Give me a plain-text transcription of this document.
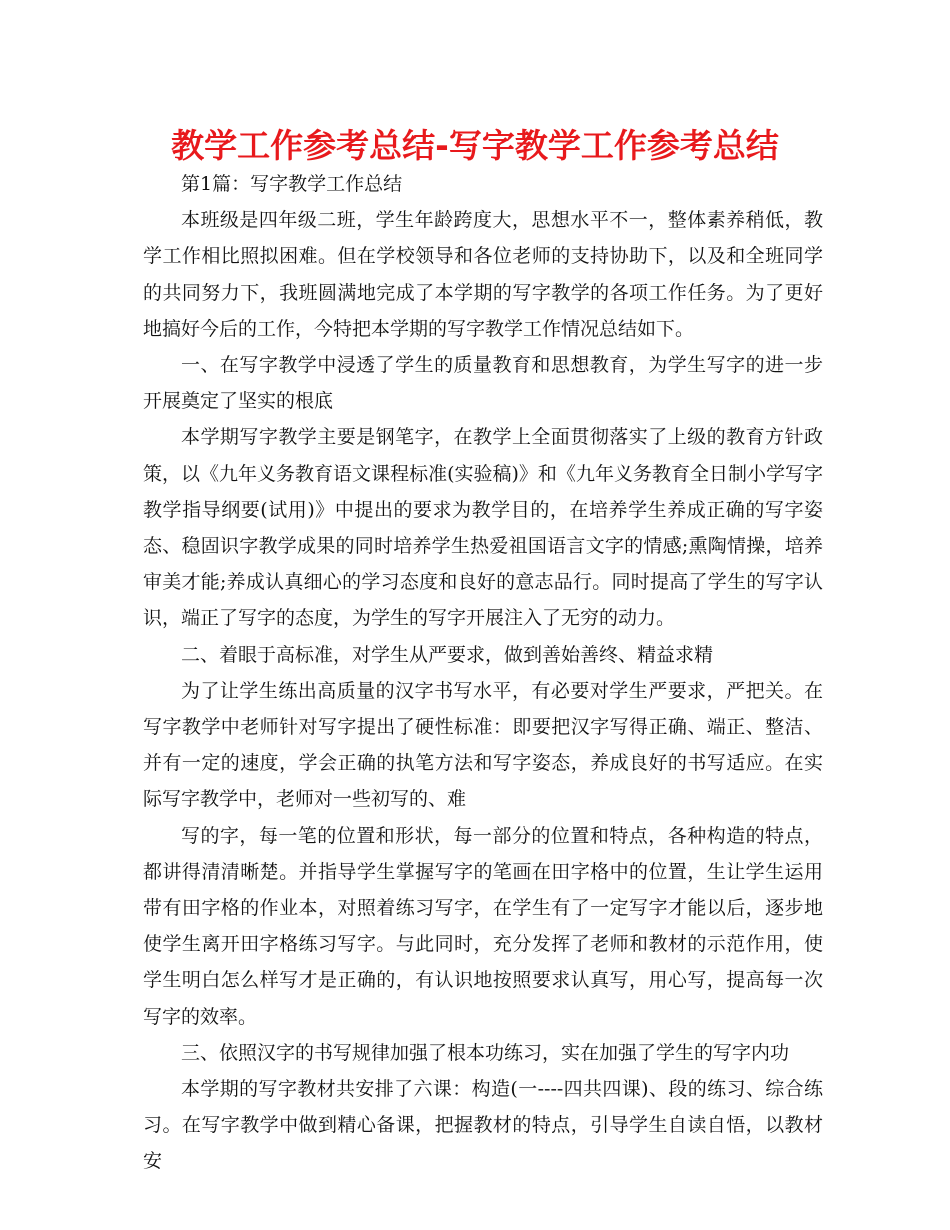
教学工作参考总结-写字教学工作参考总结

第1篇：写字教学工作总结

本班级是四年级二班，学生年龄跨度大，思想水平不一，整体素养稍低，教学工作相比照拟困难。但在学校领导和各位老师的支持协助下，以及和全班同学的共同努力下，我班圆满地完成了本学期的写字教学的各项工作任务。为了更好地搞好今后的工作，今特把本学期的写字教学工作情况总结如下。

一、在写字教学中浸透了学生的质量教育和思想教育，为学生写字的进一步开展奠定了坚实的根底

本学期写字教学主要是钢笔字，在教学上全面贯彻落实了上级的教育方针政策，以《九年义务教育语文课程标准(实验稿)》和《九年义务教育全日制小学写字教学指导纲要(试用)》中提出的要求为教学目的，在培养学生养成正确的写字姿态、稳固识字教学成果的同时培养学生热爱祖国语言文字的情感;熏陶情操，培养审美才能;养成认真细心的学习态度和良好的意志品行。同时提高了学生的写字认识，端正了写字的态度，为学生的写字开展注入了无穷的动力。

二、着眼于高标准，对学生从严要求，做到善始善终、精益求精

为了让学生练出高质量的汉字书写水平，有必要对学生严要求，严把关。在写字教学中老师针对写字提出了硬性标准：即要把汉字写得正确、端正、整洁、并有一定的速度，学会正确的执笔方法和写字姿态，养成良好的书写适应。在实际写字教学中，老师对一些初写的、难

写的字，每一笔的位置和形状，每一部分的位置和特点，各种构造的特点，都讲得清清晰楚。并指导学生掌握写字的笔画在田字格中的位置，生让学生运用带有田字格的作业本，对照着练习写字，在学生有了一定写字才能以后，逐步地使学生离开田字格练习写字。与此同时，充分发挥了老师和教材的示范作用，使学生明白怎么样写才是正确的，有认识地按照要求认真写，用心写，提高每一次写字的效率。

三、依照汉字的书写规律加强了根本功练习，实在加强了学生的写字内功

本学期的写字教材共安排了六课：构造(一----四共四课)、段的练习、综合练习。在写字教学中做到精心备课，把握教材的特点，引导学生自读自悟，以教材安
